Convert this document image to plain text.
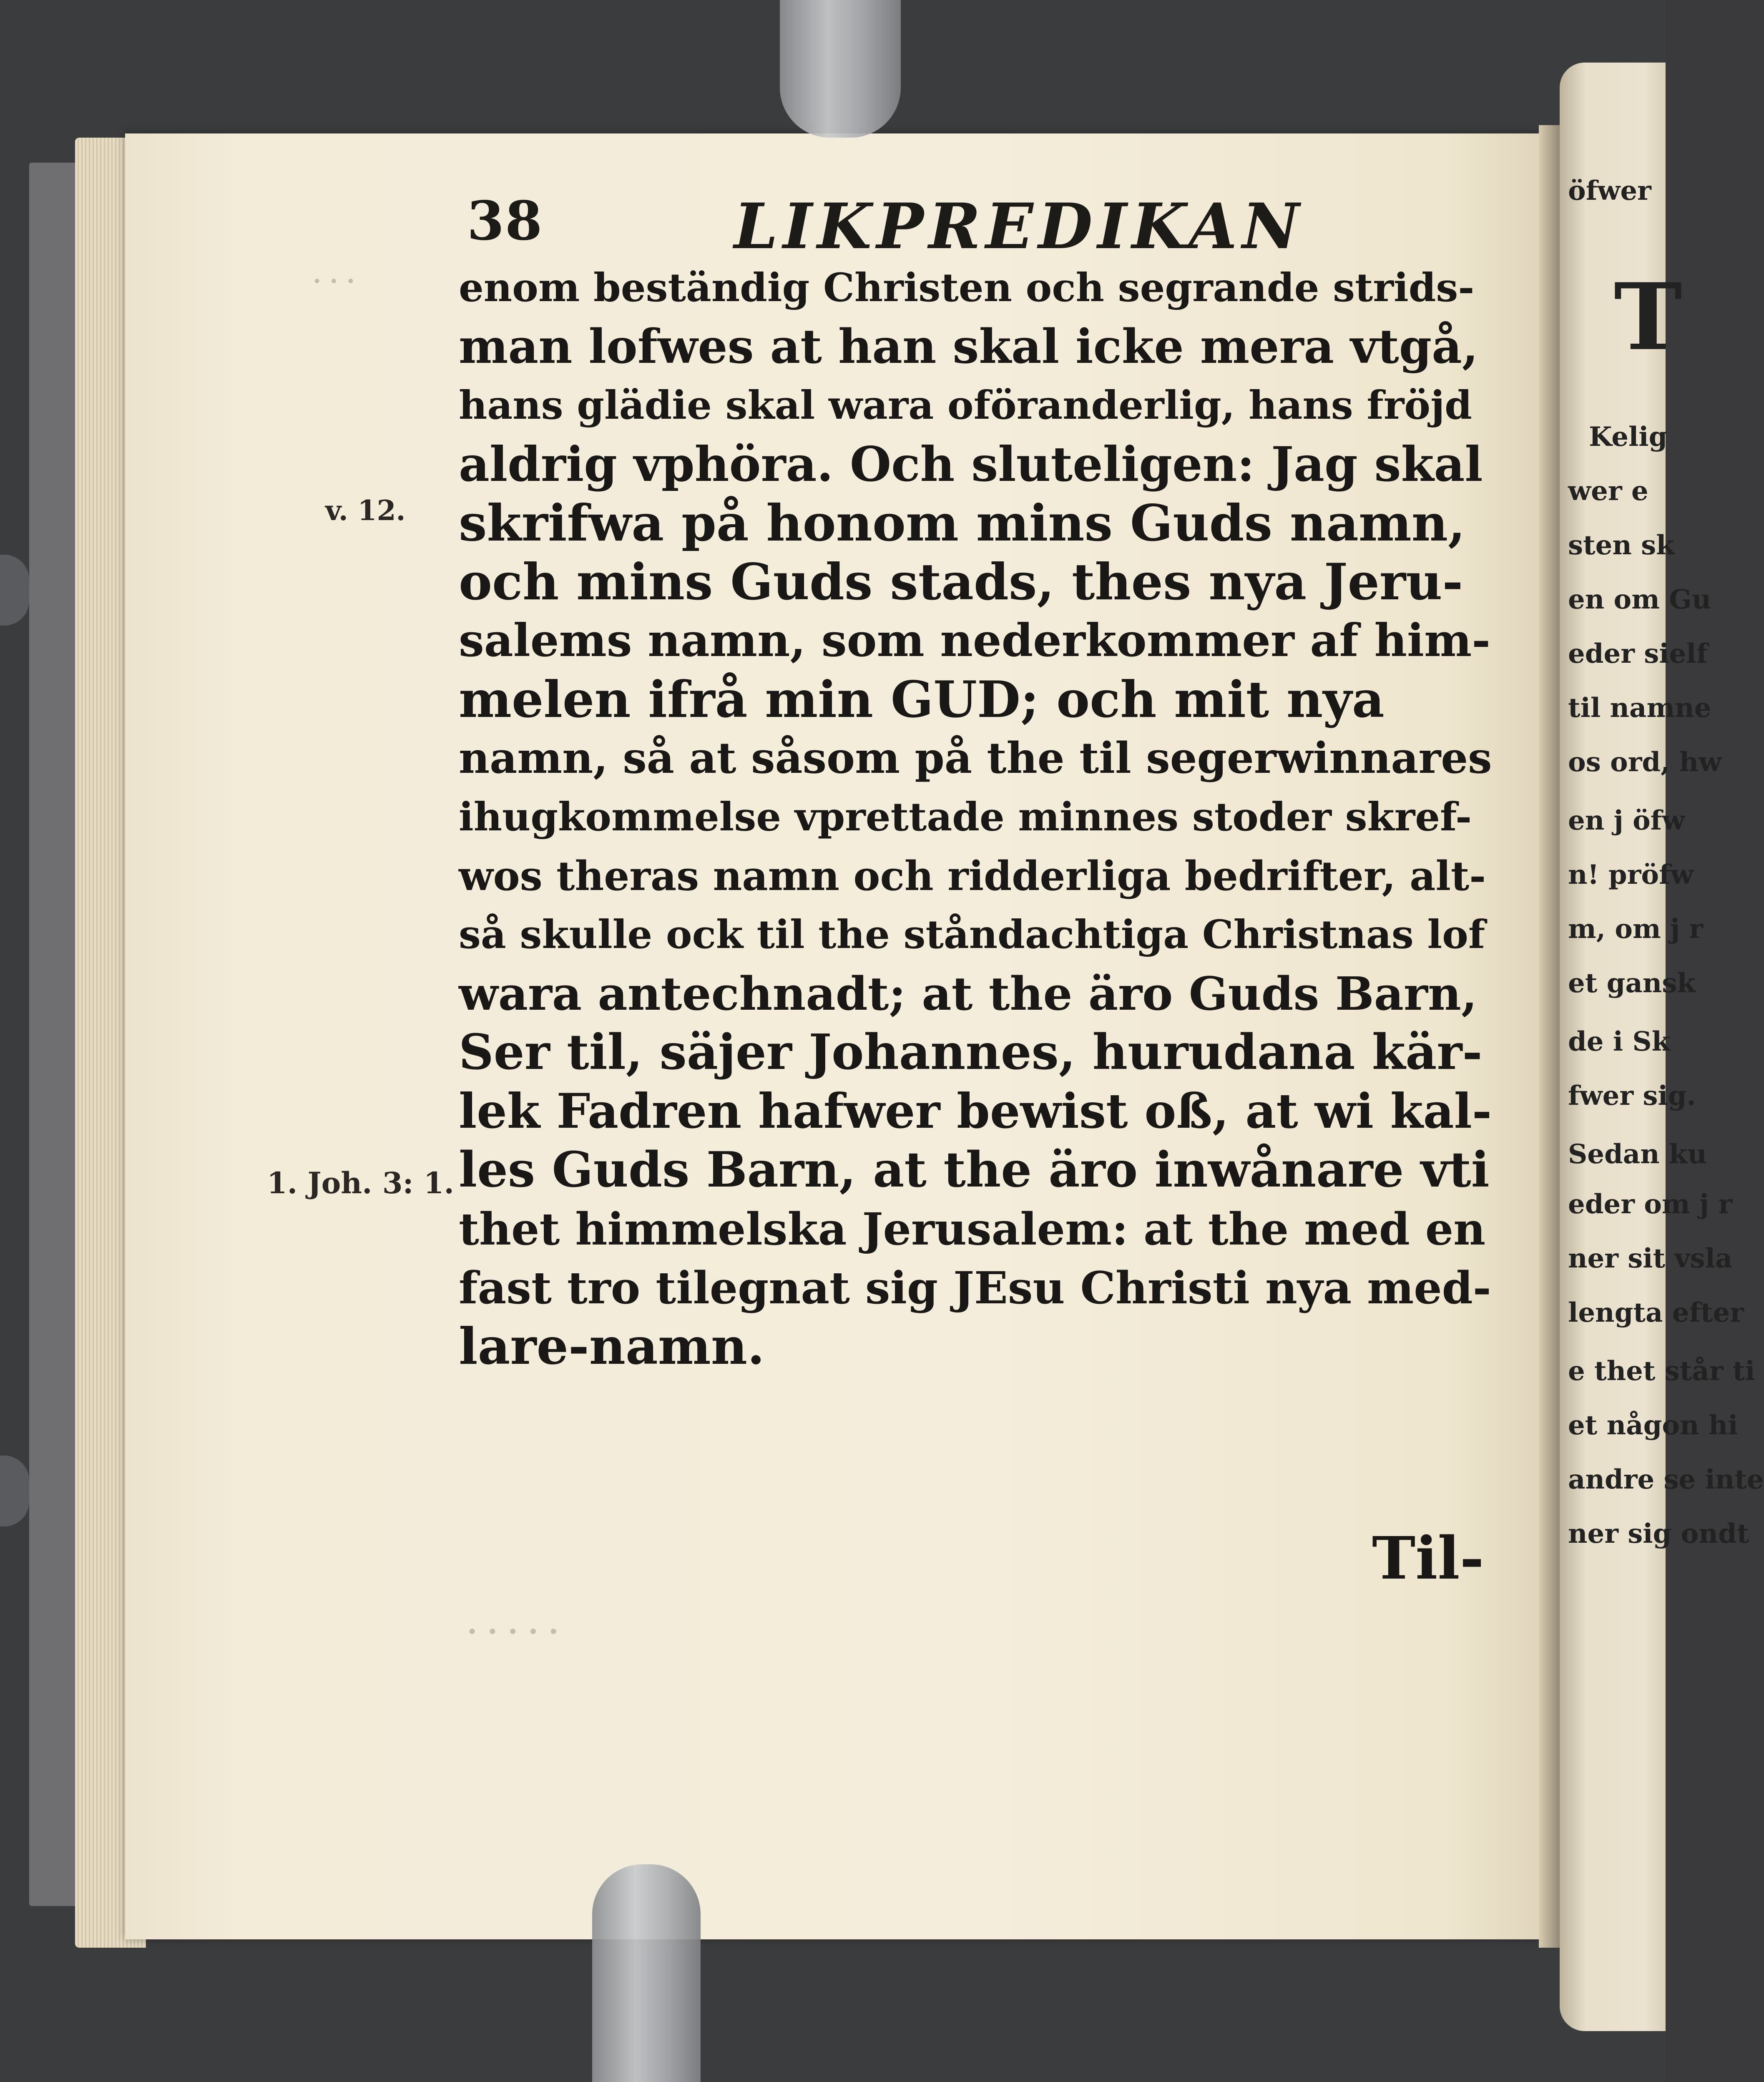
öfwer
T
Kelig
wer e
sten sk
en om Gu
eder sielf
til namne
os ord, hw
en j öfw
n! pröfw
m, om j r
et gansk
de i Sk
fwer sig.
Sedan ku
eder om j r
ner sit vsla
lengta efter
e thet står ti
et någon hi
andre se inte
ner sig ondt
38	LIKPREDIKAN
enom beständig Christen och segrande strids-
man lofwes at han skal icke mera vtgå,
hans glädie skal wara oföranderlig, hans fröjd
aldrig vphöra. Och sluteligen: Jag skal
skrifwa på honom mins Guds namn,
och mins Guds stads, thes nya Jeru-
salems namn, som nederkommer af him-
melen ifrå min GUD; och mit nya
namn, så at såsom på the til segerwinnares
ihugkommelse vprettade minnes stoder skref-
wos theras namn och ridderliga bedrifter, alt-
så skulle ock til the ståndachtiga Christnas lof
wara antechnadt; at the äro Guds Barn,
Ser til, säjer Johannes, hurudana kär-
lek Fadren hafwer bewist oß, at wi kal-
les Guds Barn, at the äro inwånare vti
thet himmelska Jerusalem: at the med en
fast tro tilegnat sig JEsu Christi nya med-
lare-namn.
v. 12.
1. Joh. 3: 1.
· · ·
· · · · ·
Til-
